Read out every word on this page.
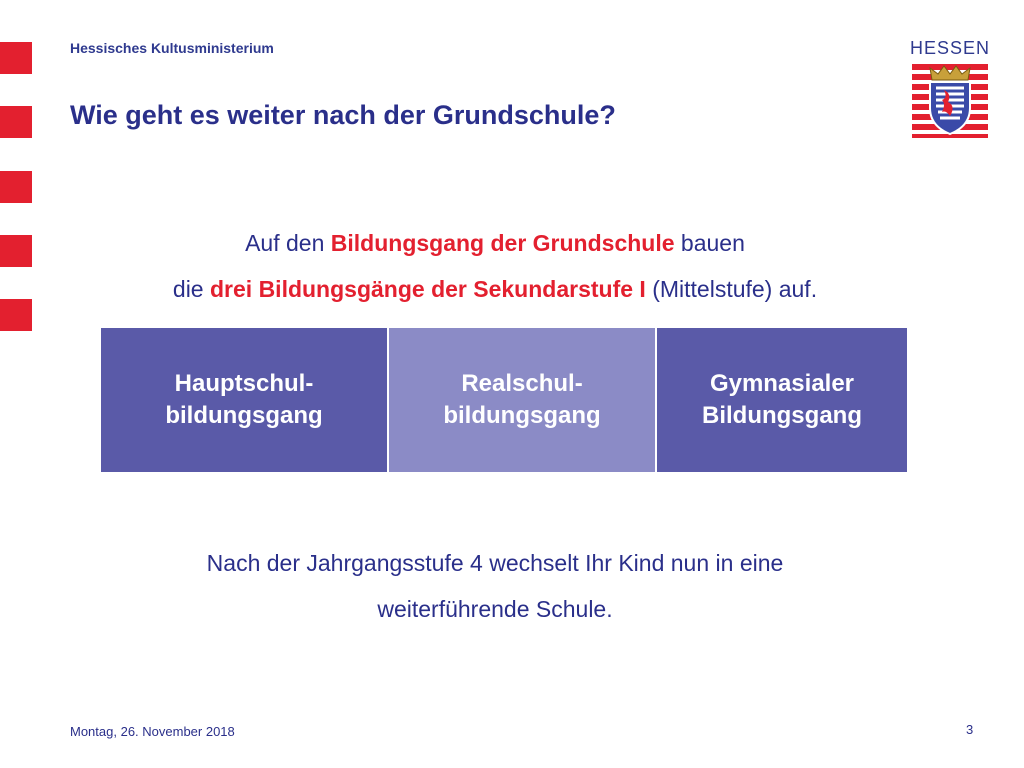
Hessisches Kultusministerium
Wie geht es weiter nach der Grundschule?
HESSEN
Auf den Bildungsgang der Grundschule bauen
die drei Bildungsgänge der Sekundarstufe I (Mittelstufe) auf.
Hauptschul-
bildungsgang
Realschul-
bildungsgang
Gymnasialer
Bildungsgang
Nach der Jahrgangsstufe 4 wechselt Ihr Kind nun in eine
weiterführende Schule.
Montag, 26. November 2018	3
